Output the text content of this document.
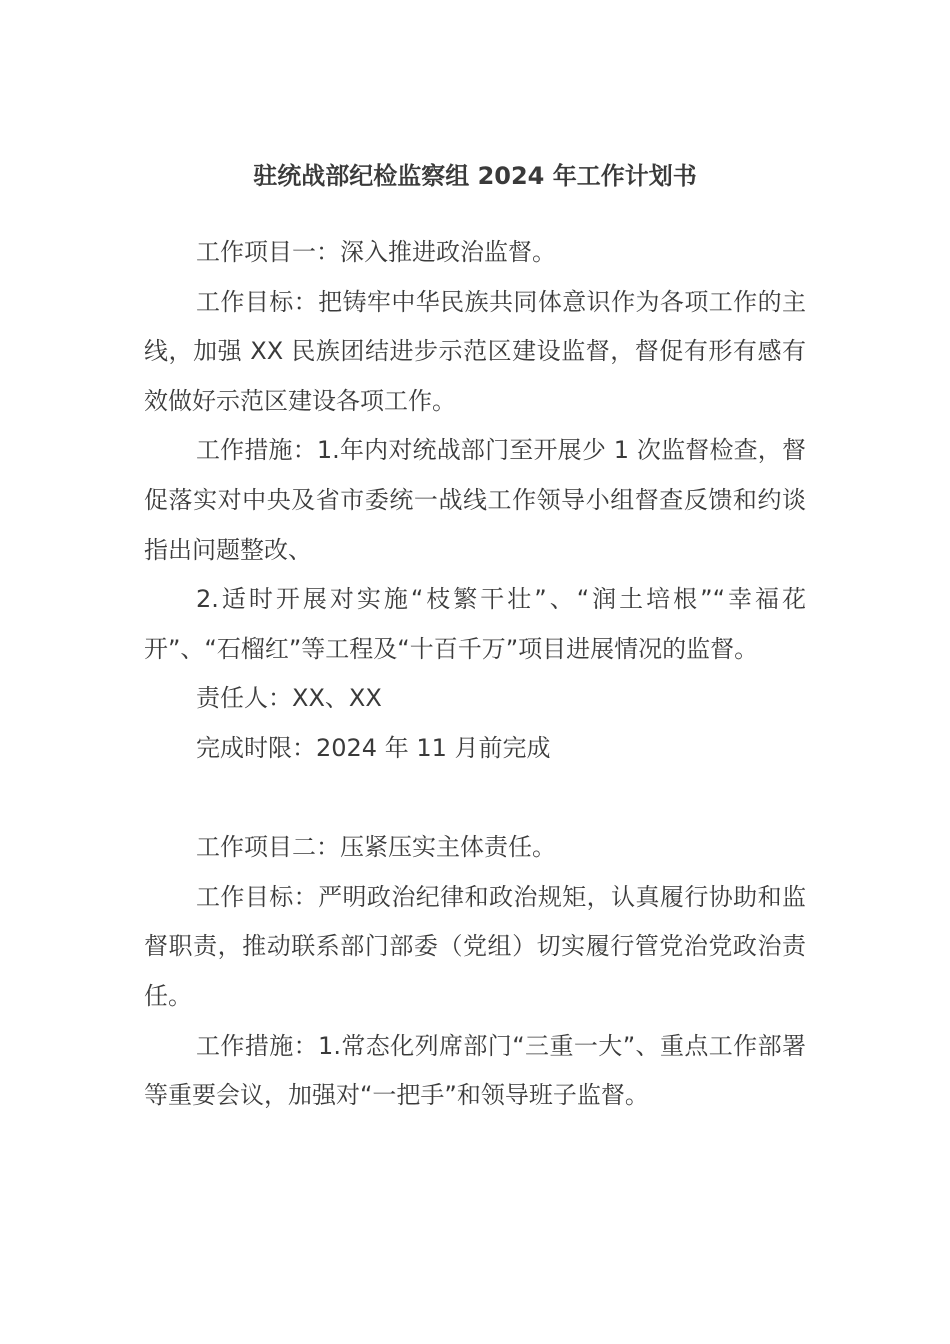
驻统战部纪检监察组 2024 年工作计划书

工作项目一：深入推进政治监督。

工作目标：把铸牢中华民族共同体意识作为各项工作的主线，加强 XX 民族团结进步示范区建设监督，督促有形有感有效做好示范区建设各项工作。

工作措施：1.年内对统战部门至开展少 1 次监督检查，督促落实对中央及省市委统一战线工作领导小组督查反馈和约谈指出问题整改、

2.适时开展对实施“枝繁干壮”、“润土培根”“幸福花开”、“石榴红”等工程及“十百千万”项目进展情况的监督。

责任人：XX、XX

完成时限：2024 年 11 月前完成

工作项目二：压紧压实主体责任。

工作目标：严明政治纪律和政治规矩，认真履行协助和监督职责，推动联系部门部委（党组）切实履行管党治党政治责任。

工作措施：1.常态化列席部门“三重一大”、重点工作部署等重要会议，加强对“一把手”和领导班子监督。
